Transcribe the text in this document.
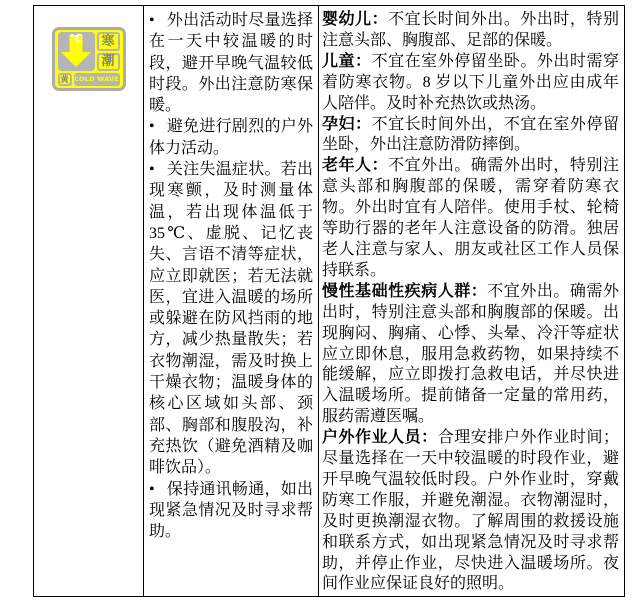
℃	寒
潮
黄 COLD WAVE

• 外出活动时尽量选择在一天中较温暖的时段，避开早晚气温较低时段。外出注意防寒保暖。

• 避免进行剧烈的户外体力活动。

• 关注失温症状。若出现寒颤，及时测量体温，若出现体温低于 35℃、虚脱、记忆丧失、言语不清等症状，应立即就医；若无法就医，宜进入温暖的场所或躲避在防风挡雨的地方，减少热量散失；若衣物潮湿，需及时换上干燥衣物；温暖身体的核心区域如头部、颈部、胸部和腹股沟，补充热饮（避免酒精及咖啡饮品）。

• 保持通讯畅通，如出现紧急情况及时寻求帮助。

婴幼儿：不宜长时间外出。外出时，特别注意头部、胸腹部、足部的保暖。

儿童：不宜在室外停留坐卧。外出时需穿着防寒衣物。8 岁以下儿童外出应由成年人陪伴。及时补充热饮或热汤。

孕妇：不宜长时间外出，不宜在室外停留坐卧，外出注意防滑防摔倒。

老年人：不宜外出。确需外出时，特别注意头部和胸腹部的保暖，需穿着防寒衣物。外出时宜有人陪伴。使用手杖、轮椅等助行器的老年人注意设备的防滑。独居老人注意与家人、朋友或社区工作人员保持联系。

慢性基础性疾病人群：不宜外出。确需外出时，特别注意头部和胸腹部的保暖。出现胸闷、胸痛、心悸、头晕、冷汗等症状应立即休息，服用急救药物，如果持续不能缓解，应立即拨打急救电话，并尽快进入温暖场所。提前储备一定量的常用药，服药需遵医嘱。

户外作业人员：合理安排户外作业时间；尽量选择在一天中较温暖的时段作业，避开早晚气温较低时段。户外作业时，穿戴防寒工作服，并避免潮湿。衣物潮湿时，及时更换潮湿衣物。了解周围的救援设施和联系方式，如出现紧急情况及时寻求帮助，并停止作业，尽快进入温暖场所。夜间作业应保证良好的照明。
